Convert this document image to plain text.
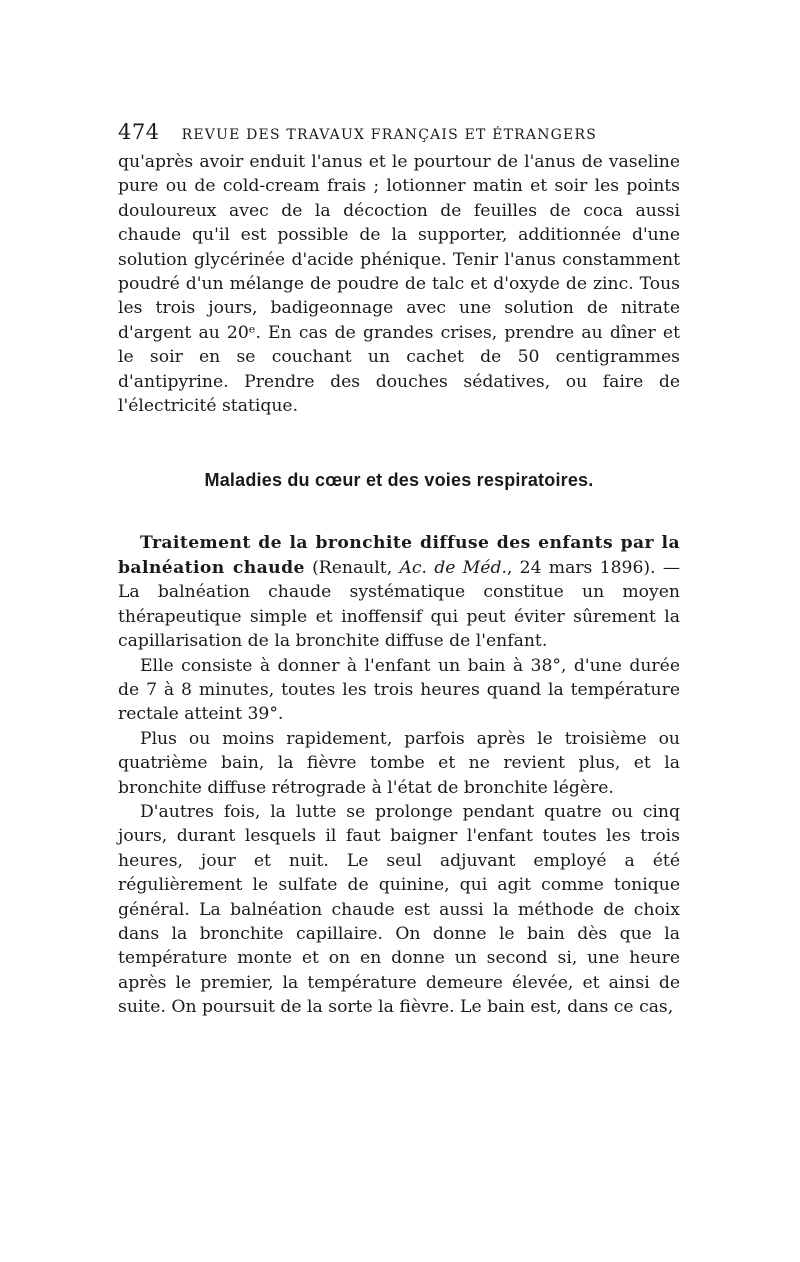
474 REVUE DES TRAVAUX FRANÇAIS ET ÉTRANGERS

qu'après avoir enduit l'anus et le pourtour de l'anus de vaseline pure ou de cold-cream frais ; lotionner matin et soir les points douloureux avec de la décoction de feuilles de coca aussi chaude qu'il est possible de la supporter, additionnée d'une solution glycérinée d'acide phénique. Tenir l'anus constamment poudré d'un mélange de poudre de talc et d'oxyde de zinc. Tous les trois jours, badigeonnage avec une solution de nitrate d'argent au 20ᵉ. En cas de grandes crises, prendre au dîner et le soir en se couchant un cachet de 50 centigrammes d'antipyrine. Prendre des douches sédatives, ou faire de l'électricité statique.

Maladies du cœur et des voies respiratoires.

Traitement de la bronchite diffuse des enfants par la balnéation chaude (Renault, Ac. de Méd., 24 mars 1896). — La balnéation chaude systématique constitue un moyen thérapeutique simple et inoffensif qui peut éviter sûrement la capillarisation de la bronchite diffuse de l'enfant.

Elle consiste à donner à l'enfant un bain à 38°, d'une durée de 7 à 8 minutes, toutes les trois heures quand la température rectale atteint 39°.

Plus ou moins rapidement, parfois après le troisième ou quatrième bain, la fièvre tombe et ne revient plus, et la bronchite diffuse rétrograde à l'état de bronchite légère.

D'autres fois, la lutte se prolonge pendant quatre ou cinq jours, durant lesquels il faut baigner l'enfant toutes les trois heures, jour et nuit. Le seul adjuvant employé a été régulièrement le sulfate de quinine, qui agit comme tonique général. La balnéation chaude est aussi la méthode de choix dans la bronchite capillaire. On donne le bain dès que la température monte et on en donne un second si, une heure après le premier, la température demeure élevée, et ainsi de suite. On poursuit de la sorte la fièvre. Le bain est, dans ce cas,
